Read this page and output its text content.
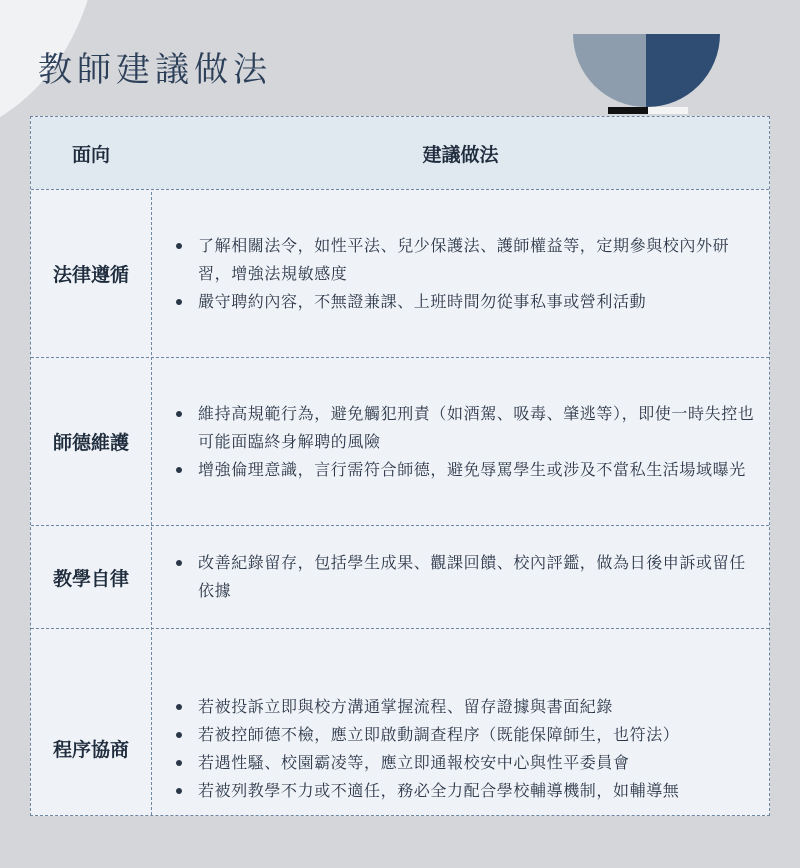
教師建議做法
面向	建議做法
法律遵循
了解相關法令，如性平法、兒少保護法、護師權益等，定期參與校內外研習，增強法規敏感度
嚴守聘約內容，不無證兼課、上班時間勿從事私事或營利活動
師德維護
維持高規範行為，避免觸犯刑責（如酒駕、吸毒、肇逃等），即使一時失控也可能面臨終身解聘的風險
增強倫理意識，言行需符合師德，避免辱罵學生或涉及不當私生活場域曝光
教學自律
改善紀錄留存，包括學生成果、觀課回饋、校內評鑑，做為日後申訴或留任依據
程序協商
若被投訴立即與校方溝通掌握流程、留存證據與書面紀錄
若被控師德不檢，應立即啟動調查程序（既能保障師生，也符法）
若遇性騷、校園霸凌等，應立即通報校安中心與性平委員會
若被列教學不力或不適任，務必全力配合學校輔導機制，如輔導無
